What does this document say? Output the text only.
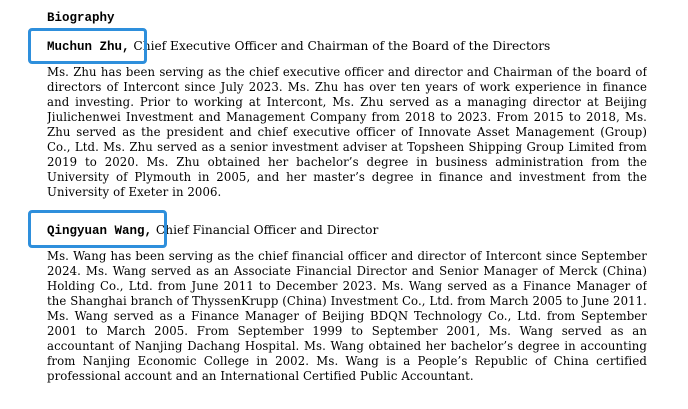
Biography
Muchun Zhu, Chief Executive Officer and Chairman of the Board of the Directors

Ms. Zhu has been serving as the chief executive officer and director and Chairman of the board of directors of Intercont since July 2023. Ms. Zhu has over ten years of work experience in finance and investing. Prior to working at Intercont, Ms. Zhu served as a managing director at Beijing Jiulichenwei Investment and Management Company from 2018 to 2023. From 2015 to 2018, Ms. Zhu served as the president and chief executive officer of Innovate Asset Management (Group) Co., Ltd. Ms. Zhu served as a senior investment adviser at Topsheen Shipping Group Limited from 2019 to 2020. Ms. Zhu obtained her bachelor’s degree in business administration from the University of Plymouth in 2005, and her master’s degree in finance and investment from the University of Exeter in 2006.

Qingyuan Wang, Chief Financial Officer and Director

Ms. Wang has been serving as the chief financial officer and director of Intercont since September 2024. Ms. Wang served as an Associate Financial Director and Senior Manager of Merck (China) Holding Co., Ltd. from June 2011 to December 2023. Ms. Wang served as a Finance Manager of the Shanghai branch of ThyssenKrupp (China) Investment Co., Ltd. from March 2005 to June 2011. Ms. Wang served as a Finance Manager of Beijing BDQN Technology Co., Ltd. from September 2001 to March 2005. From September 1999 to September 2001, Ms. Wang served as an accountant of Nanjing Dachang Hospital. Ms. Wang obtained her bachelor’s degree in accounting from Nanjing Economic College in 2002. Ms. Wang is a People’s Republic of China certified professional account and an International Certified Public Accountant.
